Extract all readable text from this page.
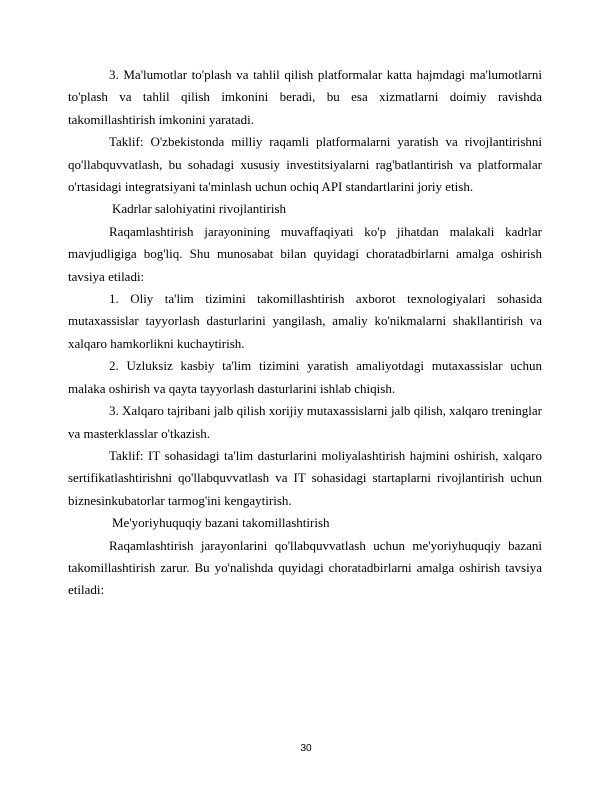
3. Ma'lumotlar to'plash va tahlil qilish platformalar katta hajmdagi ma'lumotlarni to'plash va tahlil qilish imkonini beradi, bu esa xizmatlarni doimiy ravishda takomillashtirish imkonini yaratadi.

Taklif: O'zbekistonda milliy raqamli platformalarni yaratish va rivojlantirishni qo'llabquvvatlash, bu sohadagi xususiy investitsiyalarni rag'batlantirish va platformalar o'rtasidagi integratsiyani ta'minlash uchun ochiq API standartlarini joriy etish.

Kadrlar salohiyatini rivojlantirish

Raqamlashtirish jarayonining muvaffaqiyati ko'p jihatdan malakali kadrlar mavjudligiga bog'liq. Shu munosabat bilan quyidagi choratadbirlarni amalga oshirish tavsiya etiladi:

1. Oliy ta'lim tizimini takomillashtirish axborot texnologiyalari sohasida mutaxassislar tayyorlash dasturlarini yangilash, amaliy ko'nikmalarni shakllantirish va xalqaro hamkorlikni kuchaytirish.

2. Uzluksiz kasbiy ta'lim tizimini yaratish amaliyotdagi mutaxassislar uchun malaka oshirish va qayta tayyorlash dasturlarini ishlab chiqish.

3. Xalqaro tajribani jalb qilish xorijiy mutaxassislarni jalb qilish, xalqaro treninglar va masterklasslar o'tkazish.

Taklif: IT sohasidagi ta'lim dasturlarini moliyalashtirish hajmini oshirish, xalqaro sertifikatlashtirishni qo'llabquvvatlash va IT sohasidagi startaplarni rivojlantirish uchun biznesinkubatorlar tarmog'ini kengaytirish.

Me'yoriyhuquqiy bazani takomillashtirish

Raqamlashtirish jarayonlarini qo'llabquvvatlash uchun me'yoriyhuquqiy bazani takomillashtirish zarur. Bu yo'nalishda quyidagi choratadbirlarni amalga oshirish tavsiya etiladi:

30
